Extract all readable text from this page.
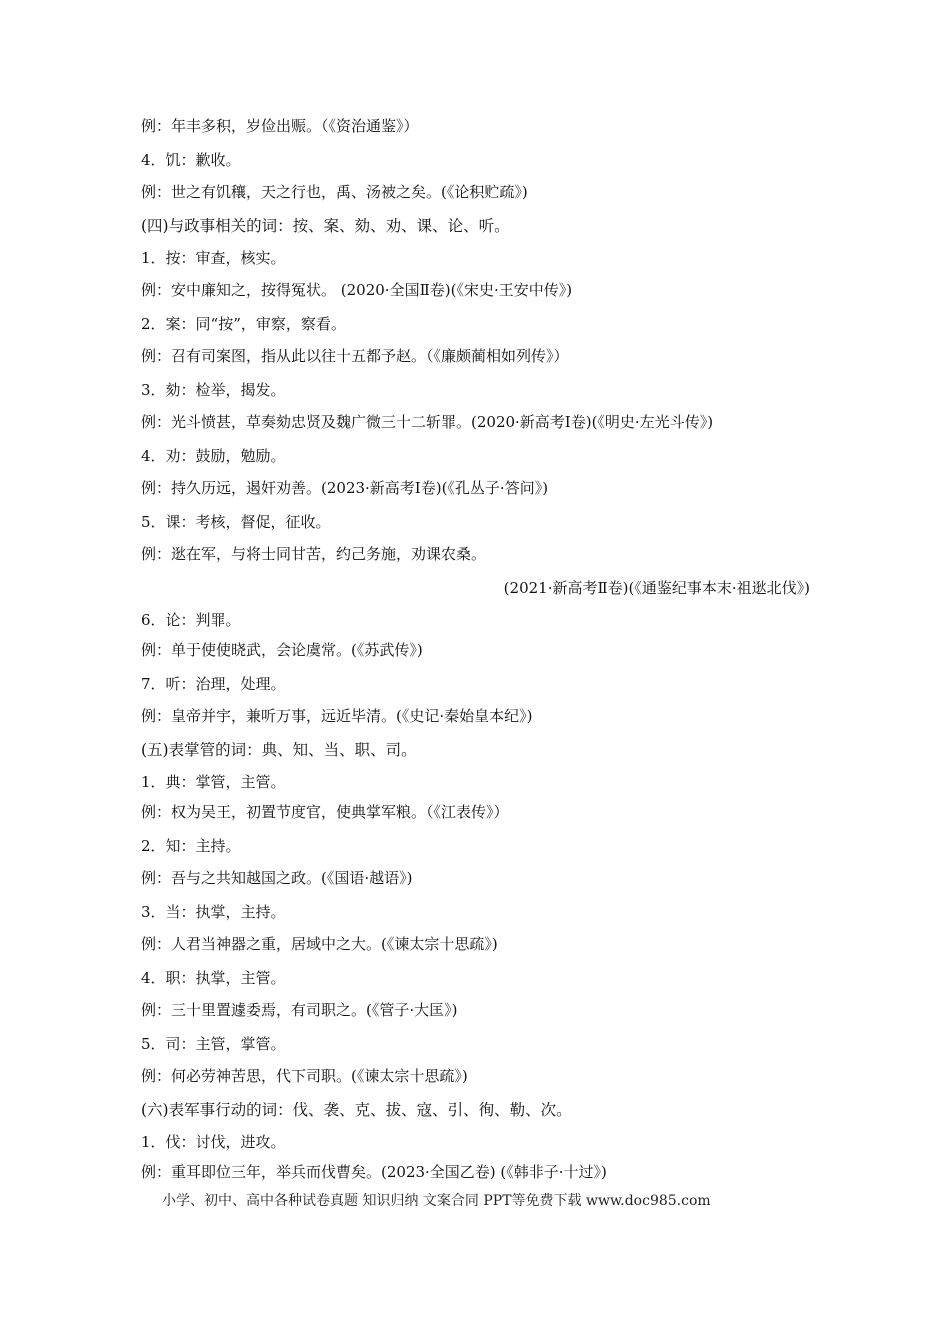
例：年丰多积，岁俭出赈。（《资治通鉴》）
4．饥：歉收。
例：世之有饥穰，天之行也，禹、汤被之矣。(《论积贮疏》)
(四)与政事相关的词：按、案、劾、劝、课、论、听。
1．按：审查，核实。
例：安中廉知之，按得冤状。 (2020·全国Ⅱ卷)(《宋史·王安中传》)
2．案：同“按”，审察，察看。
例：召有司案图，指从此以往十五都予赵。（《廉颇蔺相如列传》）
3．劾：检举，揭发。
例：光斗愤甚，草奏劾忠贤及魏广微三十二斩罪。(2020·新高考Ⅰ卷)(《明史·左光斗传》)
4．劝：鼓励，勉励。
例：持久历远，遏奸劝善。(2023·新高考Ⅰ卷)(《孔丛子·答问》)
5．课：考核，督促，征收。
例：逖在军，与将士同甘苦，约己务施，劝课农桑。
(2021·新高考Ⅱ卷)(《通鉴纪事本末·祖逖北伐》)
6．论：判罪。
例：单于使使晓武，会论虞常。(《苏武传》)
7．听：治理，处理。
例：皇帝并宇，兼听万事，远近毕清。(《史记·秦始皇本纪》)
(五)表掌管的词：典、知、当、职、司。
1．典：掌管，主管。
例：权为吴王，初置节度官，使典掌军粮。（《江表传》）
2．知：主持。
例：吾与之共知越国之政。(《国语·越语》)
3．当：执掌，主持。
例：人君当神器之重，居域中之大。(《谏太宗十思疏》)
4．职：执掌，主管。
例：三十里置遽委焉，有司职之。(《管子·大匡》)
5．司：主管，掌管。
例：何必劳神苦思，代下司职。(《谏太宗十思疏》)
(六)表军事行动的词：伐、袭、克、拔、寇、引、徇、勒、次。
1．伐：讨伐，进攻。
例：重耳即位三年，举兵而伐曹矣。(2023·全国乙卷) (《韩非子·十过》)
小学、初中、高中各种试卷真题 知识归纳 文案合同 PPT等免费下载 www.doc985.com
